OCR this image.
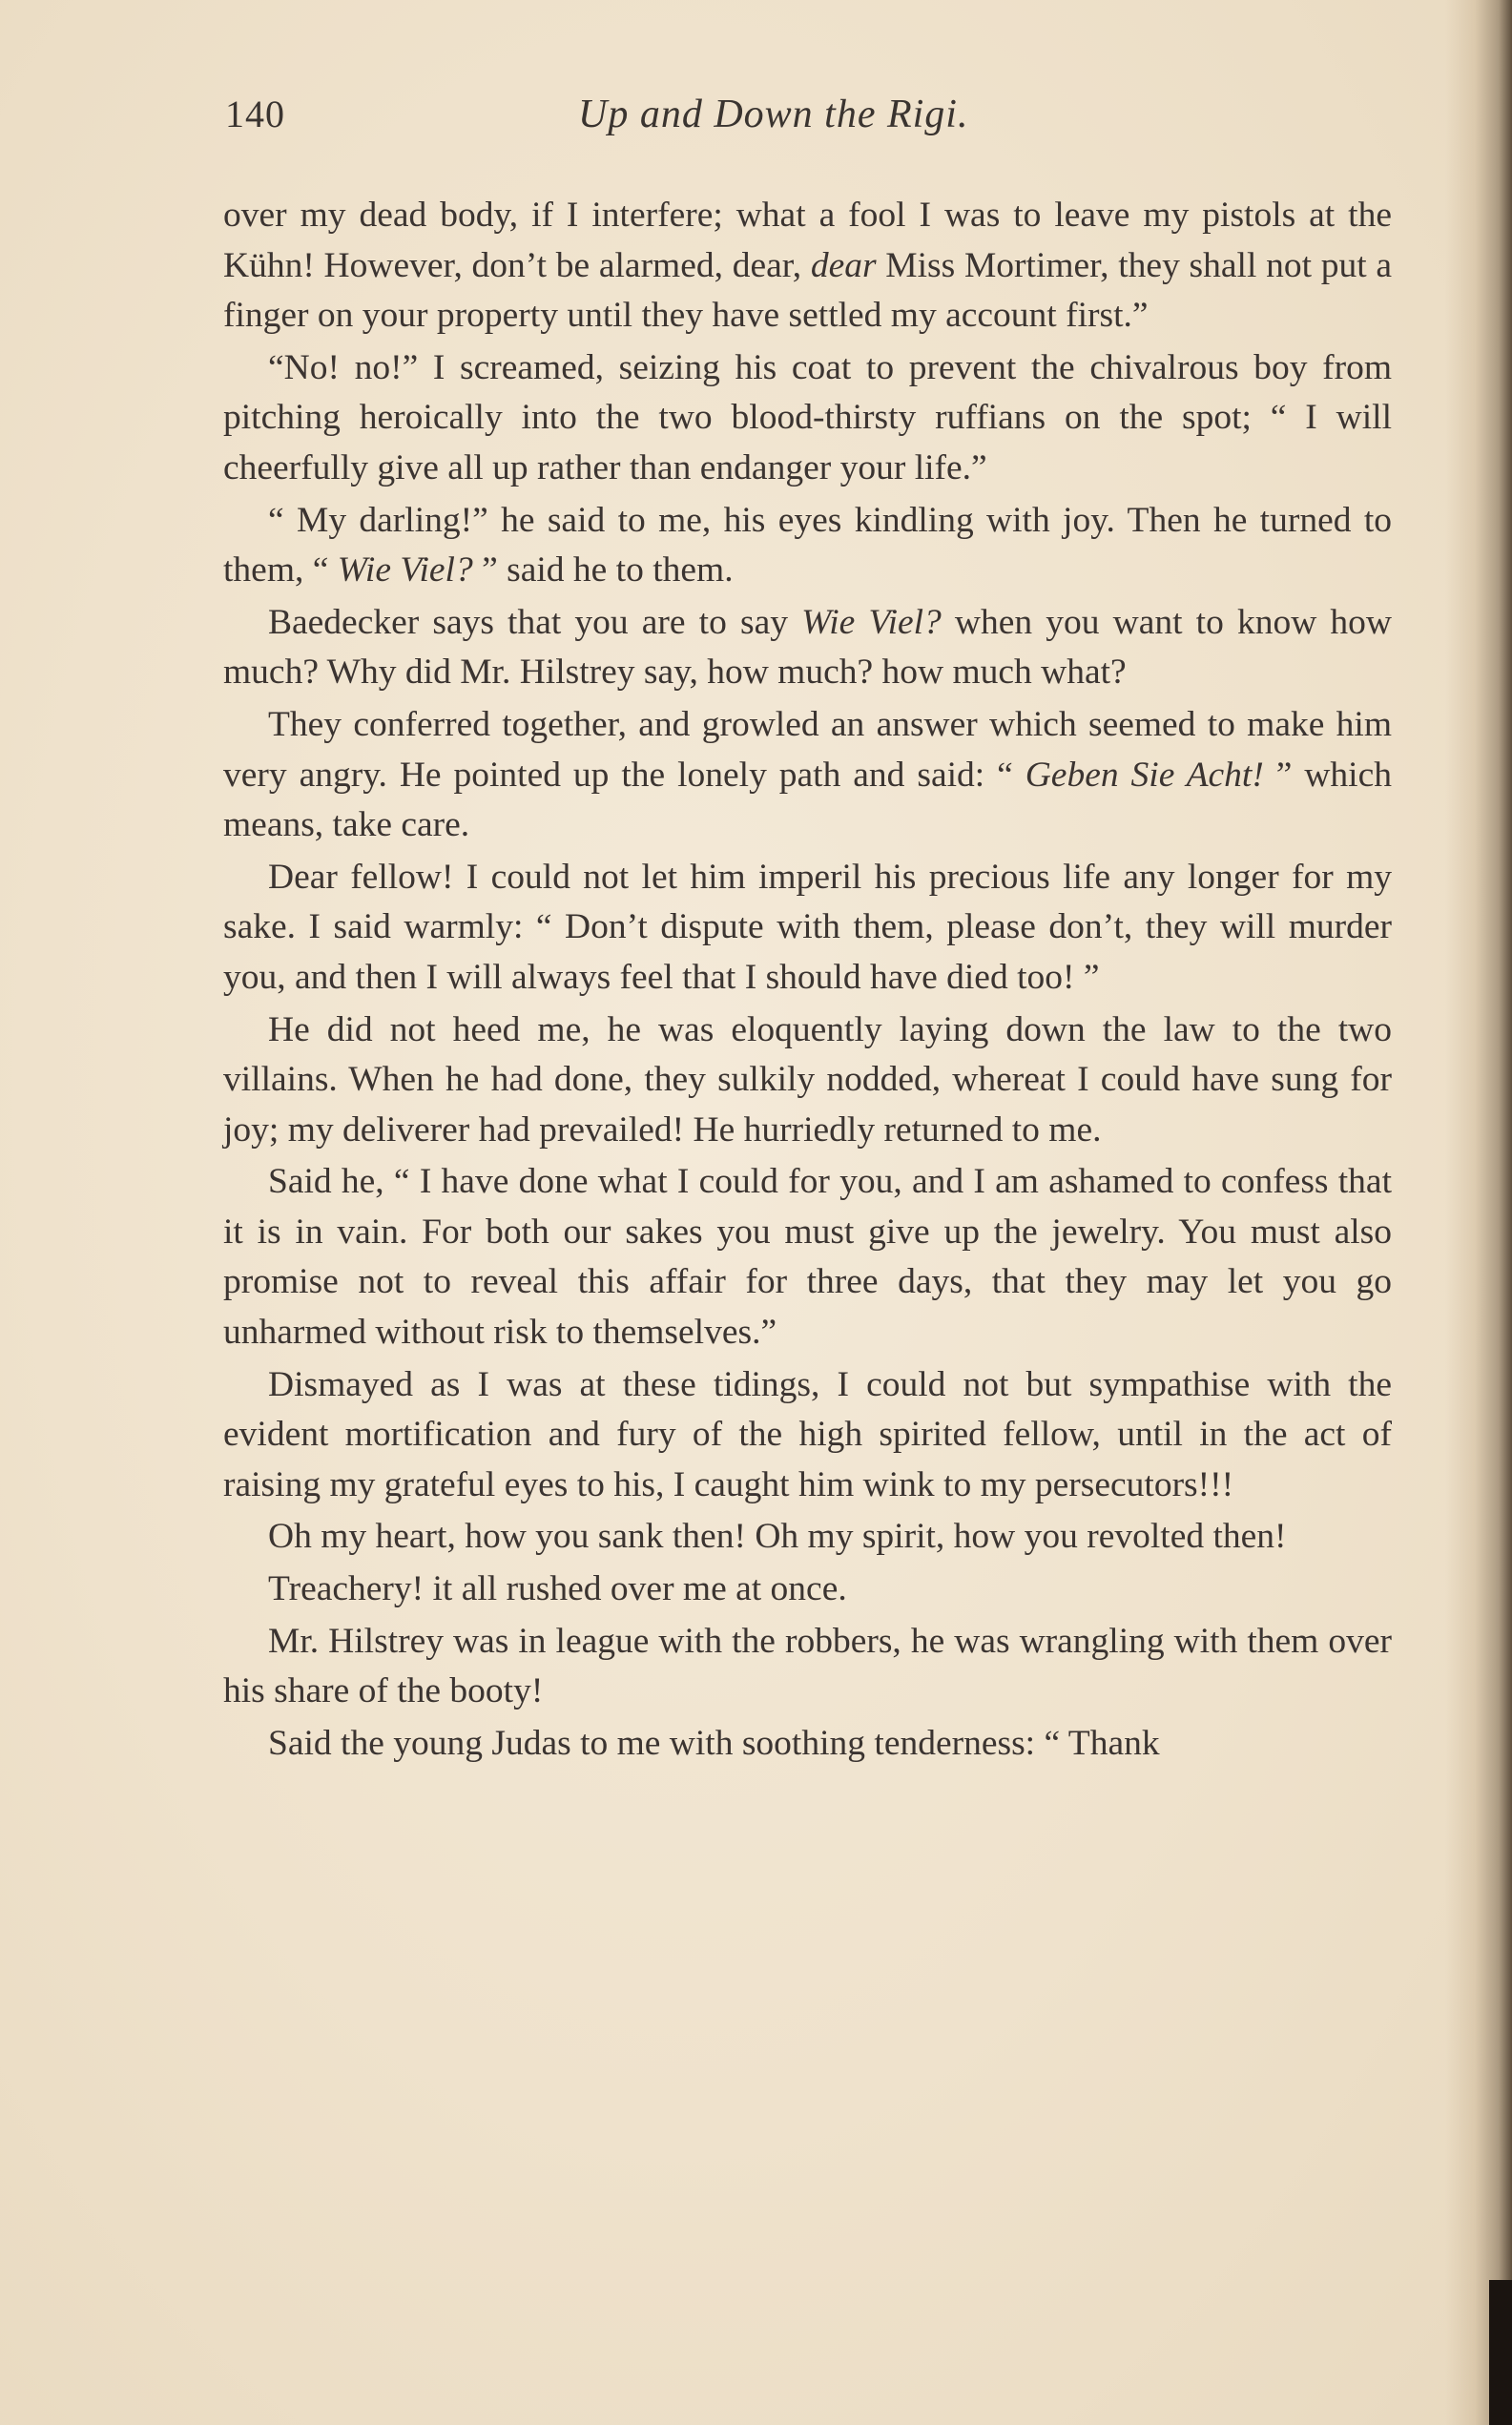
140	Up and Down the Rigi.

over my dead body, if I interfere; what a fool I was to leave my pistols at the Kühn! However, don’t be alarmed, dear, dear Miss Mortimer, they shall not put a finger on your property until they have settled my account first.”

“No! no!” I screamed, seizing his coat to prevent the chivalrous boy from pitching heroically into the two blood-thirsty ruffians on the spot; “ I will cheerfully give all up rather than endanger your life.”

“ My darling!” he said to me, his eyes kindling with joy. Then he turned to them, “ Wie Viel? ” said he to them.

Baedecker says that you are to say Wie Viel? when you want to know how much? Why did Mr. Hilstrey say, how much? how much what?

They conferred together, and growled an answer which seemed to make him very angry. He pointed up the lonely path and said: “ Geben Sie Acht! ” which means, take care.

Dear fellow! I could not let him imperil his precious life any longer for my sake. I said warmly: “ Don’t dispute with them, please don’t, they will murder you, and then I will always feel that I should have died too! ”

He did not heed me, he was eloquently laying down the law to the two villains. When he had done, they sulkily nodded, whereat I could have sung for joy; my deliverer had prevailed! He hurriedly returned to me.

Said he, “ I have done what I could for you, and I am ashamed to confess that it is in vain. For both our sakes you must give up the jewelry. You must also promise not to reveal this affair for three days, that they may let you go unharmed without risk to themselves.”

Dismayed as I was at these tidings, I could not but sympathise with the evident mortification and fury of the high spirited fellow, until in the act of raising my grateful eyes to his, I caught him wink to my persecutors!!!

Oh my heart, how you sank then! Oh my spirit, how you revolted then!

Treachery! it all rushed over me at once.

Mr. Hilstrey was in league with the robbers, he was wrangling with them over his share of the booty!

Said the young Judas to me with soothing tenderness: “ Thank
